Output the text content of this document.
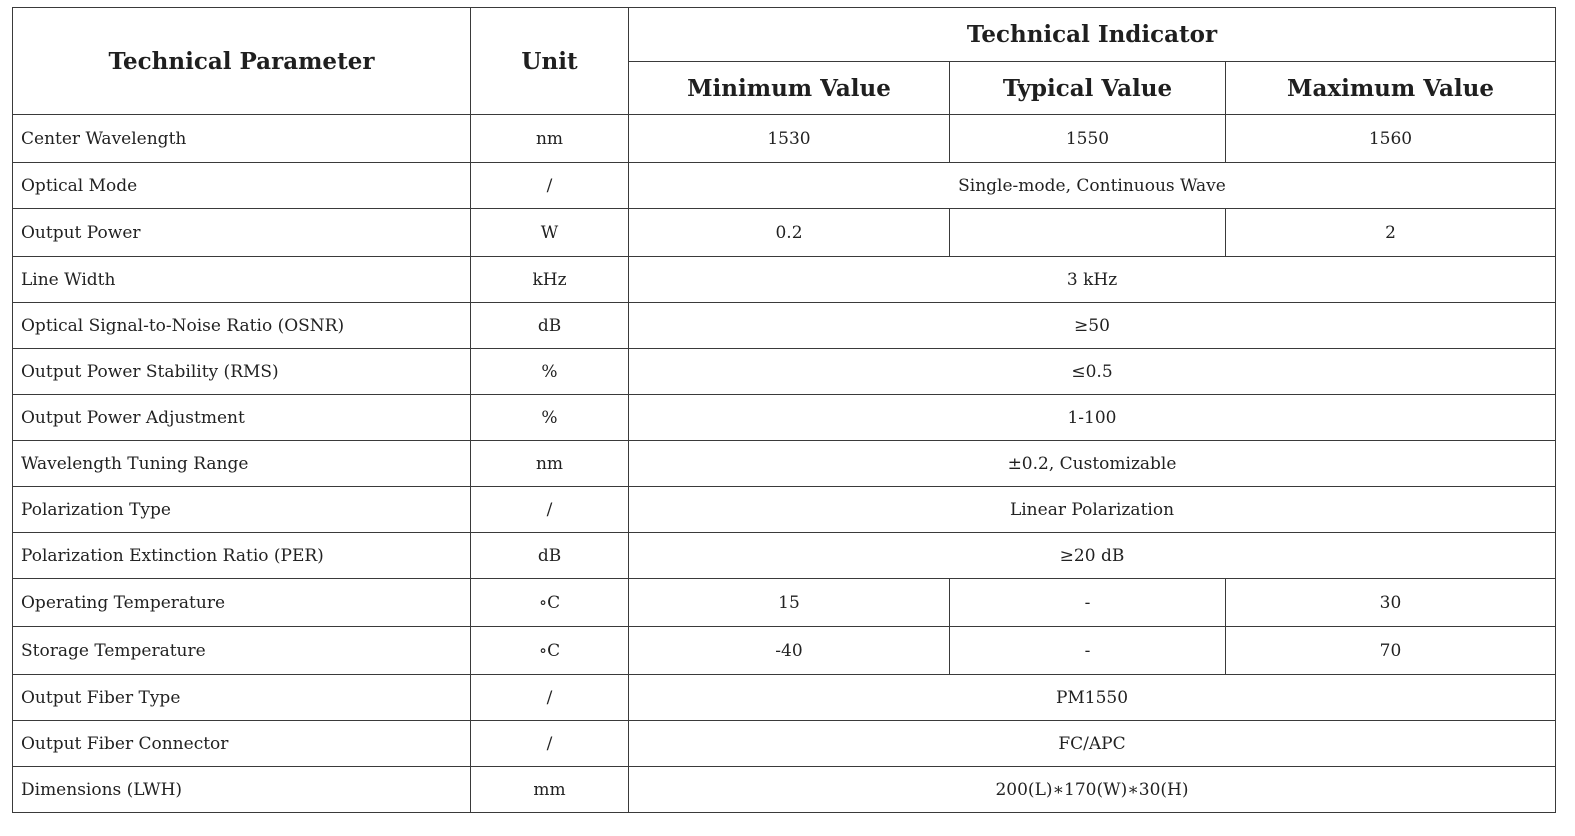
Technical Parameter	Unit	Technical Indicator		
		Minimum Value	Typical Value	Maximum Value
Center Wavelength	nm	1530	1550	1560
Optical Mode	/	Single-mode, Continuous Wave		
Output Power	W	0.2		2
Line Width	kHz	3 kHz		
Optical Signal-to-Noise Ratio (OSNR)	dB	≥50		
Output Power Stability (RMS)	%	≤0.5		
Output Power Adjustment	%	1-100		
Wavelength Tuning Range	nm	±0.2, Customizable		
Polarization Type	/	Linear Polarization		
Polarization Extinction Ratio (PER)	dB	≥20 dB		
Operating Temperature	∘C	15	-	30
Storage Temperature	∘C	-40	-	70
Output Fiber Type	/	PM1550		
Output Fiber Connector	/	FC/APC		
Dimensions (LWH)	mm	200(L)∗170(W)∗30(H)		
